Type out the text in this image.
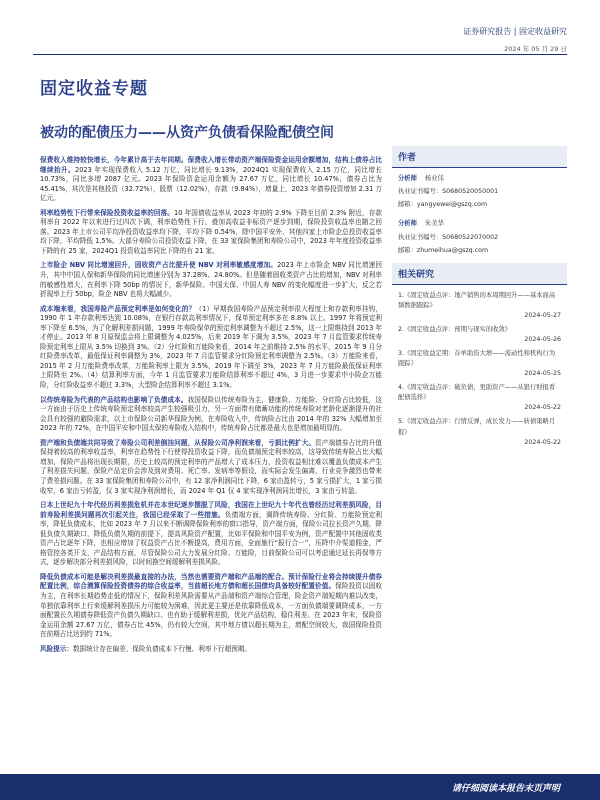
证券研究报告 | 固定收益研究
2024 年 05 月 29 日
固定收益专题
被动的配债压力——从资产负债看保险配债空间

保费收入维持较快增长，今年累计高于去年同期。保费收入增长带动资产端保险资金运用余额增加，结构上债券占比继续抬升。2023 年实现保费收入 5.12 万亿，同比增长 9.13%，2024Q1 实现保费收入 2.15 万亿，同比增长 10.73%，同比多增 2087 亿元。2023 年保险资金运用余额为 27.67 万亿，同比增长 10.47%，债券占比为 45.41%，其次是其他投资（32.72%），股票（12.02%），存款（9.84%），增量上，2023 年债券投资增加 2.31 万亿元。

利率趋势性下行带来保险投资收益率的回落。10 年国债收益率从 2023 年初的 2.9% 下降至目前 2.3% 附近，存款利率自 2022 年以来进行过四次下调，利率趋势性下行，叠加高收益非标资产逐步到期，保险投资收益率也随之回落。2023 年上市公司平均净投资收益率均下降，平均下降 0.54%，除中国平安外，其他四家上市险企总投资收益率均下降，平均降低 1.5%。大部分寿险公司投资收益下降，在 33 家保险集团和寿险公司中，2023 年年度投资收益率下降的有 25 家，2024Q1 投资收益率同比下降的有 21 家。

上市险企 NBV 同比增速回升，固收资产占比提升使 NBV 对利率敏感度增加。2023 年上市险企 NBV 同比增速回升，其中中国人保和新华保险的同比增速分别为 37.28%、24.80%。但是随着固收类资产占比的增加，NBV 对利率的敏感性增大，在利率下降 50bp 的情况下，新华保险、中国太保、中国人寿 NBV 的变化幅度进一步扩大，反之若折现率上行 50bp，险企 NBV 也将大幅减少。

成本端来看，我国寿险产品预定利率是如何变化的？（1）早期我国寿险产品预定利率很大程度上和存款利率挂钩，1990 年 1 年存款利率达到 10.08%，在银行存款高利率情况下，保单预定利率多在 8.8% 以上。1997 年将预定利率下降至 6.5%，为了化解利差损问题，1999 年寿险保单的预定利率调整为不超过 2.5%，这一上限维持到 2013 年才停止。2013 年 8 月原保监会将上限调整为 4.025%，后来 2019 年下调为 3.5%，2023 年 7 月监管要求传统寿险预定利率上限从 3.5% 切换到 3%。（2）分红险和万能险来看，2014 年之前维持 2.5% 的水平，2015 年 9 月分红险费率改革，最低保证利率调整为 3%，2023 年 7 月监管要求分红险预定利率调整为 2.5%。（3）万能险来看，2015 年 2 月万能险费率改革，万能险利率上限为 3.5%，2019 年下调至 3%，2023 年 7 月万能险最低保证利率上限降至 2%。（4）结算利率方面，今年 1 月监管要求万能险结算利率不超过 4%，3 月进一步要求中小险企万能险，分红险收益率不超过 3.3%，大型险企结算利率不超过 3.1%。

以传统寿险为代表的产品结构也影响了负债成本。我国保险以传统寿险为主，健康险、万能险、分红险占比较低，这一方面由于历史上传统寿险预定利率较高产生较强吸引力，另一方面带有储蓄功能的传统寿险对老龄化逐渐提升的社会具有较强的避险需求，以上市保险公司新华保险为例，在寿险收入中，传统险占比由 2014 年的 32% 大幅增加至 2023 年的 72%，在中国平安和中国太保的寿险收入结构中，传统寿险占比都是最大也是增加最明显的。

资产端和负债端共同导致了寿险公司利差倒挂问题，从保险公司净利润来看，亏损比例扩大。资产端债券占比的升值保持着较高的利率收益率，利率在趋势性下行使得投资收益下降，而负债端预定利率较高，这导致传统寿险占比大幅增加，保险产品将出现长期限，历史上较高的预定利率的产品增大了成本压力，投资收益相比难以覆盖负债成本产生了利差损失问题，保险产品定价会涉及到对费用、死亡率、发病率等假设，而实际会发生偏离，行业竞争激烈也带来了费差损问题。在 33 家保险集团和寿险公司中，有 12 家净利润同比下降，6 家由盈转亏，5 家亏损扩大，1 家亏损收窄，6 家由亏转盈，仅 3 家实现净利润增长，而 2024 年 Q1 仅 4 家实现净利润同比增长，3 家由亏转盈。

日本上世纪九十年代经历利差损危机并在本世纪逐步摆脱了风险，我国在上世纪九十年代也曾经历过利差损风险，目前寿险利差损问题再次引起关注，我国已经采取了一些措施。负债端方面，调降传统寿险、分红险、万能险预定利率，降低负债成本，比如 2023 年 7 月以来不断调降保险利率的窗口指导，资产端方面，保险公司拉长资产久期，降低负债久期缺口，降低负债久期的前提下，提高风险资产配置，比如平保险和中国平安为例，资产配置中其他固收类资产占比逐年下降，也相应增加了权益资产占比不断提高，费用方面，全面施行“报行合一”，压降中介渠道佣金，严格管控各类开支，产品结构方面，尽管保险公司大力发展分红险、万能险，目前保险公司可以考虑通过延长再保等方式，逐步解决部分利差损风险，以时间换空间缓解利差损风险。

降低负债成本可能是解决利差损最直接的办法，当然也需要资产端和产品端的配合。预计保险行业将会持续提升债券配置比例，综合测算保险投资债券的综合收益率，当前超长地方债和超长国债均具备较好配置价值。保险投资以固收为主，在利率长期趋势走低的情况下，保险利差风险需要从产品端和资产端综合管理，险企资产端短期内难以改变，单独依靠利率上行来缓解利差损压力可能较为困难，因此更主要还是依靠降低成本，一方面负债端要调降成本，一方面配置长久期债券降低资产负债久期缺口、也有助于缓解利差损，优化产品结构，稳住利差。在 2023 年末，保险资金运用余额 27.67 万亿，债券占比 45%，仍有较大空间，其中地方债以超长期为主，增配空间较大，我国保险投资在前期占比达到约 71%。

风险提示：数据统计存在偏差、保险负债成本下行慢、利率下行超预期。

作者
分析师 杨业伟
执业证书编号：S0680520050001
邮箱：yangyewei@gszq.com
分析师 朱美华
执业证书编号：S0680522070002
邮箱：zhumeihua@gszq.com
相关研究
1.《固定收益点评：地产销售的本周期回升——基本面高频数据跟踪》
2024-05-27
2.《固定收益点评：预期与现实的收敛》
2024-05-26
3.《固定收益定期：存单助资大增——流动性和机构行为跟踪》
2024-05-25
4.《固定收益点评：破负债，更助资产——从银行财报看配债选择》
2024-05-22
5.《固定收益点评：行情反弹，成长发力——转债策略月报》
2024-05-22
请仔细阅读本报告末页声明
